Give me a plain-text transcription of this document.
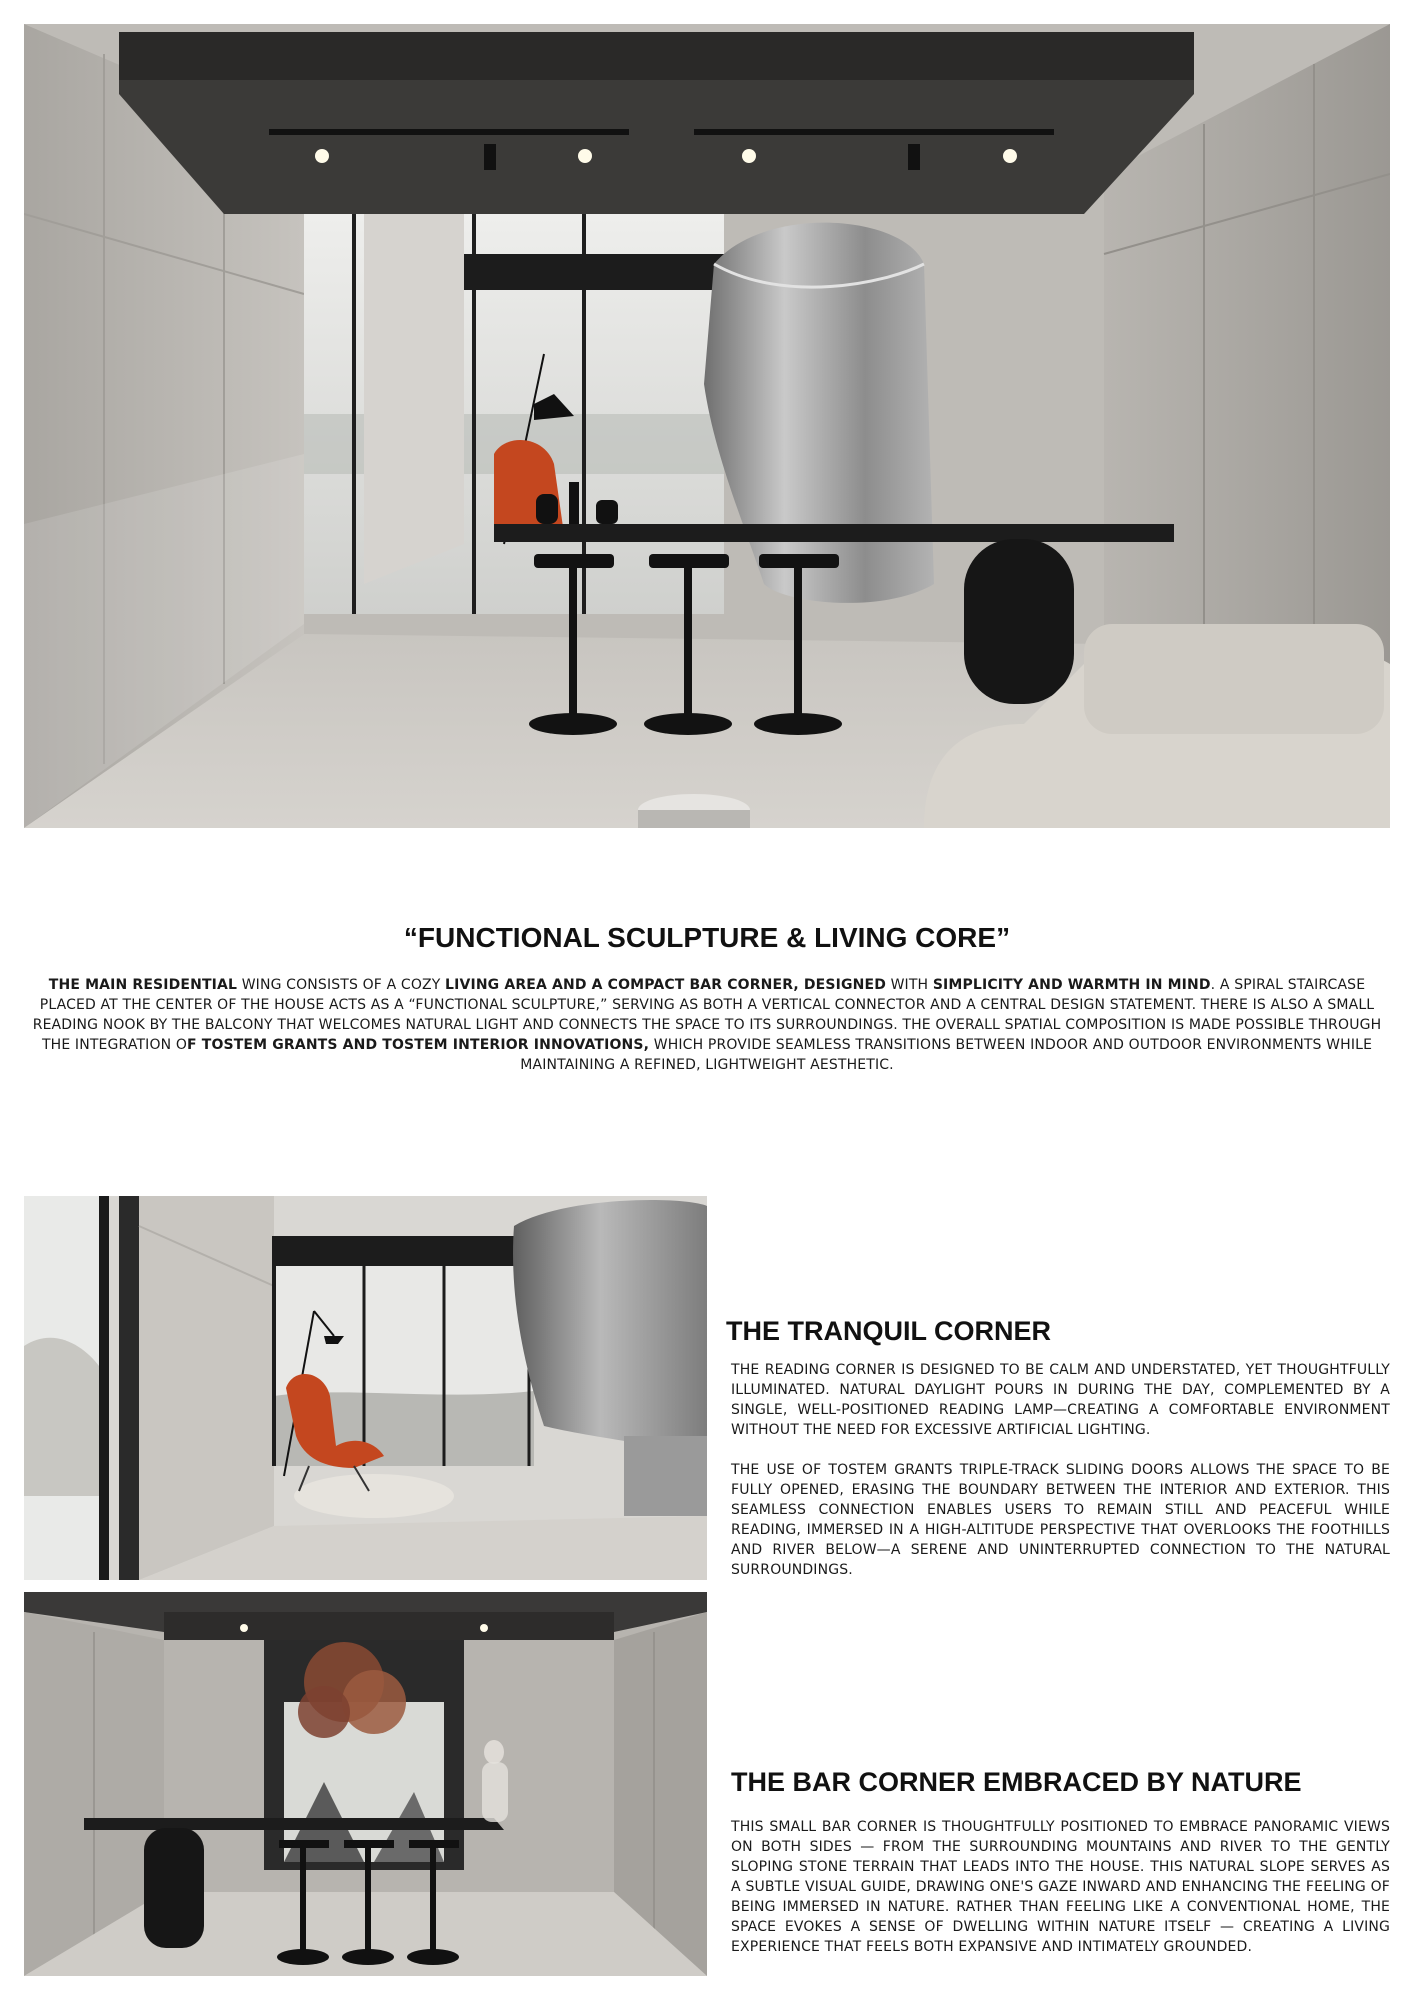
“FUNCTIONAL SCULPTURE & LIVING CORE”

THE MAIN RESIDENTIAL WING CONSISTS OF A COZY LIVING AREA AND A COMPACT BAR CORNER, DESIGNED WITH SIMPLICITY AND WARMTH IN MIND. A SPIRAL STAIRCASE PLACED AT THE CENTER OF THE HOUSE ACTS AS A “FUNCTIONAL SCULPTURE,” SERVING AS BOTH A VERTICAL CONNECTOR AND A CENTRAL DESIGN STATEMENT. THERE IS ALSO A SMALL READING NOOK BY THE BALCONY THAT WELCOMES NATURAL LIGHT AND CONNECTS THE SPACE TO ITS SURROUNDINGS. THE OVERALL SPATIAL COMPOSITION IS MADE POSSIBLE THROUGH THE INTEGRATION OF TOSTEM GRANTS AND TOSTEM INTERIOR INNOVATIONS, WHICH PROVIDE SEAMLESS TRANSITIONS BETWEEN INDOOR AND OUTDOOR ENVIRONMENTS WHILE MAINTAINING A REFINED, LIGHTWEIGHT AESTHETIC.

THE TRANQUIL CORNER

THE READING CORNER IS DESIGNED TO BE CALM AND UNDERSTATED, YET THOUGHTFULLY ILLUMINATED. NATURAL DAYLIGHT POURS IN DURING THE DAY, COMPLEMENTED BY A SINGLE, WELL-POSITIONED READING LAMP—CREATING A COMFORTABLE ENVIRONMENT WITHOUT THE NEED FOR EXCESSIVE ARTIFICIAL LIGHTING.

THE USE OF TOSTEM GRANTS TRIPLE-TRACK SLIDING DOORS ALLOWS THE SPACE TO BE FULLY OPENED, ERASING THE BOUNDARY BETWEEN THE INTERIOR AND EXTERIOR. THIS SEAMLESS CONNECTION ENABLES USERS TO REMAIN STILL AND PEACEFUL WHILE READING, IMMERSED IN A HIGH-ALTITUDE PERSPECTIVE THAT OVERLOOKS THE FOOTHILLS AND RIVER BELOW—A SERENE AND UNINTERRUPTED CONNECTION TO THE NATURAL SURROUNDINGS.

THE BAR CORNER EMBRACED BY NATURE

THIS SMALL BAR CORNER IS THOUGHTFULLY POSITIONED TO EMBRACE PANORAMIC VIEWS ON BOTH SIDES — FROM THE SURROUNDING MOUNTAINS AND RIVER TO THE GENTLY SLOPING STONE TERRAIN THAT LEADS INTO THE HOUSE. THIS NATURAL SLOPE SERVES AS A SUBTLE VISUAL GUIDE, DRAWING ONE'S GAZE INWARD AND ENHANCING THE FEELING OF BEING IMMERSED IN NATURE. RATHER THAN FEELING LIKE A CONVENTIONAL HOME, THE SPACE EVOKES A SENSE OF DWELLING WITHIN NATURE ITSELF — CREATING A LIVING EXPERIENCE THAT FEELS BOTH EXPANSIVE AND INTIMATELY GROUNDED.
